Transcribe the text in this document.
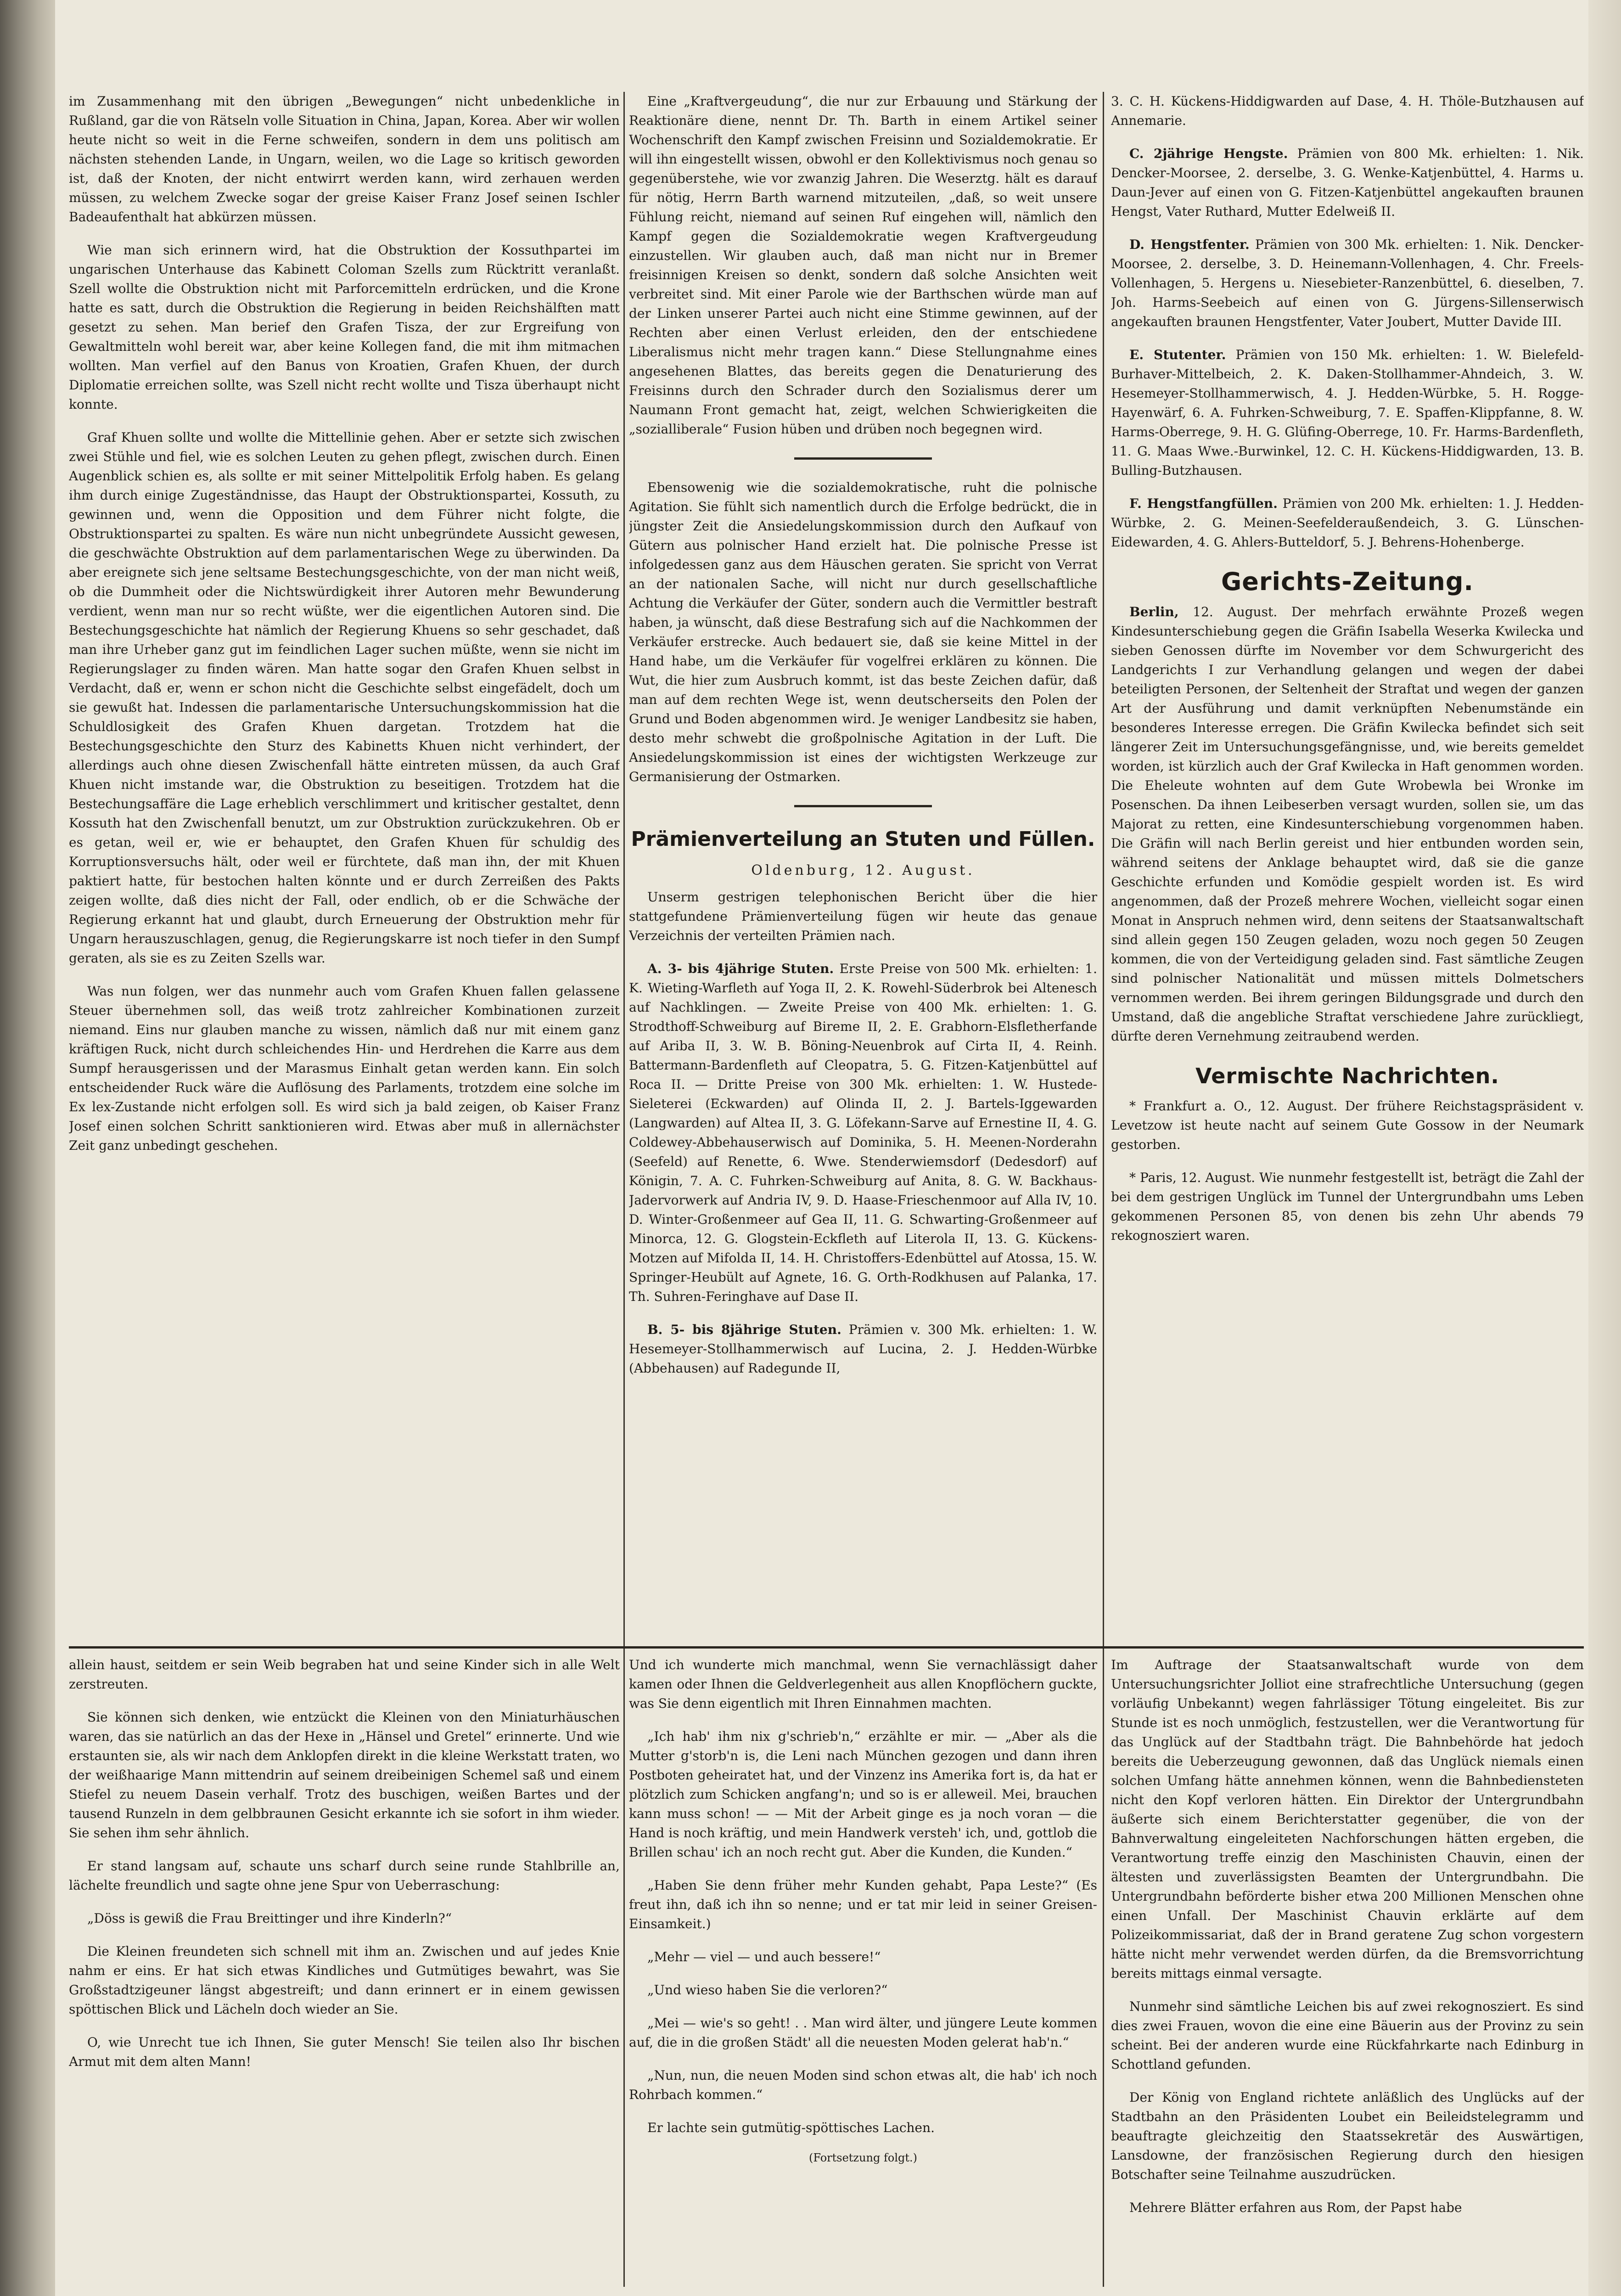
im Zusammenhang mit den übrigen „Bewegungen“ nicht unbedenkliche in Rußland, gar die von Rätseln volle Situation in China, Japan, Korea. Aber wir wollen heute nicht so weit in die Ferne schweifen, sondern in dem uns politisch am nächsten stehenden Lande, in Ungarn, weilen, wo die Lage so kritisch geworden ist, daß der Knoten, der nicht entwirrt werden kann, wird zerhauen werden müssen, zu welchem Zwecke sogar der greise Kaiser Franz Josef seinen Ischler Badeaufenthalt hat abkürzen müssen.

Wie man sich erinnern wird, hat die Obstruktion der Kossuthpartei im ungarischen Unterhause das Kabinett Coloman Szells zum Rücktritt veranlaßt. Szell wollte die Obstruktion nicht mit Parforcemitteln erdrücken, und die Krone hatte es satt, durch die Obstruktion die Regierung in beiden Reichshälften matt gesetzt zu sehen. Man berief den Grafen Tisza, der zur Ergreifung von Gewaltmitteln wohl bereit war, aber keine Kollegen fand, die mit ihm mitmachen wollten. Man verfiel auf den Banus von Kroatien, Grafen Khuen, der durch Diplomatie erreichen sollte, was Szell nicht recht wollte und Tisza überhaupt nicht konnte.

Graf Khuen sollte und wollte die Mittellinie gehen. Aber er setzte sich zwischen zwei Stühle und fiel, wie es solchen Leuten zu gehen pflegt, zwischen durch. Einen Augenblick schien es, als sollte er mit seiner Mittelpolitik Erfolg haben. Es gelang ihm durch einige Zugeständnisse, das Haupt der Obstruktionspartei, Kossuth, zu gewinnen und, wenn die Opposition und dem Führer nicht folgte, die Obstruktionspartei zu spalten. Es wäre nun nicht unbegründete Aussicht gewesen, die geschwächte Obstruktion auf dem parlamentarischen Wege zu überwinden. Da aber ereignete sich jene seltsame Bestechungsgeschichte, von der man nicht weiß, ob die Dummheit oder die Nichtswürdigkeit ihrer Autoren mehr Bewunderung verdient, wenn man nur so recht wüßte, wer die eigentlichen Autoren sind. Die Bestechungsgeschichte hat nämlich der Regierung Khuens so sehr geschadet, daß man ihre Urheber ganz gut im feindlichen Lager suchen müßte, wenn sie nicht im Regierungslager zu finden wären. Man hatte sogar den Grafen Khuen selbst in Verdacht, daß er, wenn er schon nicht die Geschichte selbst eingefädelt, doch um sie gewußt hat. Indessen die parlamentarische Untersuchungskommission hat die Schuldlosigkeit des Grafen Khuen dargetan. Trotzdem hat die Bestechungsgeschichte den Sturz des Kabinetts Khuen nicht verhindert, der allerdings auch ohne diesen Zwischenfall hätte eintreten müssen, da auch Graf Khuen nicht imstande war, die Obstruktion zu beseitigen. Trotzdem hat die Bestechungsaffäre die Lage erheblich verschlimmert und kritischer gestaltet, denn Kossuth hat den Zwischenfall benutzt, um zur Obstruktion zurückzukehren. Ob er es getan, weil er, wie er behauptet, den Grafen Khuen für schuldig des Korruptionsversuchs hält, oder weil er fürchtete, daß man ihn, der mit Khuen paktiert hatte, für bestochen halten könnte und er durch Zerreißen des Pakts zeigen wollte, daß dies nicht der Fall, oder endlich, ob er die Schwäche der Regierung erkannt hat und glaubt, durch Erneuerung der Obstruktion mehr für Ungarn herauszuschlagen, genug, die Regierungskarre ist noch tiefer in den Sumpf geraten, als sie es zu Zeiten Szells war.

Was nun folgen, wer das nunmehr auch vom Grafen Khuen fallen gelassene Steuer übernehmen soll, das weiß trotz zahlreicher Kombinationen zurzeit niemand. Eins nur glauben manche zu wissen, nämlich daß nur mit einem ganz kräftigen Ruck, nicht durch schleichendes Hin- und Herdrehen die Karre aus dem Sumpf herausgerissen und der Marasmus Einhalt getan werden kann. Ein solch entscheidender Ruck wäre die Auflösung des Parlaments, trotzdem eine solche im Ex lex-Zustande nicht erfolgen soll. Es wird sich ja bald zeigen, ob Kaiser Franz Josef einen solchen Schritt sanktionieren wird. Etwas aber muß in allernächster Zeit ganz unbedingt geschehen.

Eine „Kraftvergeudung“, die nur zur Erbauung und Stärkung der Reaktionäre diene, nennt Dr. Th. Barth in einem Artikel seiner Wochenschrift den Kampf zwischen Freisinn und Sozialdemokratie. Er will ihn eingestellt wissen, obwohl er den Kollektivismus noch genau so gegenüberstehe, wie vor zwanzig Jahren. Die Weserztg. hält es darauf für nötig, Herrn Barth warnend mitzuteilen, „daß, so weit unsere Fühlung reicht, niemand auf seinen Ruf eingehen will, nämlich den Kampf gegen die Sozialdemokratie wegen Kraftvergeudung einzustellen. Wir glauben auch, daß man nicht nur in Bremer freisinnigen Kreisen so denkt, sondern daß solche Ansichten weit verbreitet sind. Mit einer Parole wie der Barthschen würde man auf der Linken unserer Partei auch nicht eine Stimme gewinnen, auf der Rechten aber einen Verlust erleiden, den der entschiedene Liberalismus nicht mehr tragen kann.“ Diese Stellungnahme eines angesehenen Blattes, das bereits gegen die Denaturierung des Freisinns durch den Schrader durch den Sozialismus derer um Naumann Front gemacht hat, zeigt, welchen Schwierigkeiten die „sozialliberale“ Fusion hüben und drüben noch begegnen wird.

Ebensowenig wie die sozialdemokratische, ruht die polnische Agitation. Sie fühlt sich namentlich durch die Erfolge bedrückt, die in jüngster Zeit die Ansiedelungskommission durch den Aufkauf von Gütern aus polnischer Hand erzielt hat. Die polnische Presse ist infolgedessen ganz aus dem Häuschen geraten. Sie spricht von Verrat an der nationalen Sache, will nicht nur durch gesellschaftliche Achtung die Verkäufer der Güter, sondern auch die Vermittler bestraft haben, ja wünscht, daß diese Bestrafung sich auf die Nachkommen der Verkäufer erstrecke. Auch bedauert sie, daß sie keine Mittel in der Hand habe, um die Verkäufer für vogelfrei erklären zu können. Die Wut, die hier zum Ausbruch kommt, ist das beste Zeichen dafür, daß man auf dem rechten Wege ist, wenn deutscherseits den Polen der Grund und Boden abgenommen wird. Je weniger Landbesitz sie haben, desto mehr schwebt die großpolnische Agitation in der Luft. Die Ansiedelungskommission ist eines der wichtigsten Werkzeuge zur Germanisierung der Ostmarken.

Prämienverteilung an Stuten und Füllen.
Oldenburg, 12. August.

Unserm gestrigen telephonischen Bericht über die hier stattgefundene Prämienverteilung fügen wir heute das genaue Verzeichnis der verteilten Prämien nach.

A. 3- bis 4jährige Stuten. Erste Preise von 500 Mk. erhielten: 1. K. Wieting-Warfleth auf Yoga II, 2. K. Rowehl-Süderbrok bei Altenesch auf Nachklingen. — Zweite Preise von 400 Mk. erhielten: 1. G. Strodthoff-Schweiburg auf Bireme II, 2. E. Grabhorn-Elsfletherfande auf Ariba II, 3. W. B. Böning-Neuenbrok auf Cirta II, 4. Reinh. Battermann-Bardenfleth auf Cleopatra, 5. G. Fitzen-Katjenbüttel auf Roca II. — Dritte Preise von 300 Mk. erhielten: 1. W. Hustede-Sieleterei (Eckwarden) auf Olinda II, 2. J. Bartels-Iggewarden (Langwarden) auf Altea II, 3. G. Löfekann-Sarve auf Ernestine II, 4. G. Coldewey-Abbehauserwisch auf Dominika, 5. H. Meenen-Norderahn (Seefeld) auf Renette, 6. Wwe. Stenderwiemsdorf (Dedesdorf) auf Königin, 7. A. C. Fuhrken-Schweiburg auf Anita, 8. G. W. Backhaus-Jadervorwerk auf Andria IV, 9. D. Haase-Frieschenmoor auf Alla IV, 10. D. Winter-Großenmeer auf Gea II, 11. G. Schwarting-Großenmeer auf Minorca, 12. G. Glogstein-Eckfleth auf Literola II, 13. G. Kückens-Motzen auf Mifolda II, 14. H. Christoffers-Edenbüttel auf Atossa, 15. W. Springer-Heubült auf Agnete, 16. G. Orth-Rodkhusen auf Palanka, 17. Th. Suhren-Feringhave auf Dase II.

B. 5- bis 8jährige Stuten. Prämien v. 300 Mk. erhielten: 1. W. Hesemeyer-Stollhammerwisch auf Lucina, 2. J. Hedden-Würbke (Abbehausen) auf Radegunde II,

3. C. H. Kückens-Hiddigwarden auf Dase, 4. H. Thöle-Butzhausen auf Annemarie.

C. 2jährige Hengste. Prämien von 800 Mk. erhielten: 1. Nik. Dencker-Moorsee, 2. derselbe, 3. G. Wenke-Katjenbüttel, 4. Harms u. Daun-Jever auf einen von G. Fitzen-Katjenbüttel angekauften braunen Hengst, Vater Ruthard, Mutter Edelweiß II.

D. Hengstfenter. Prämien von 300 Mk. erhielten: 1. Nik. Dencker-Moorsee, 2. derselbe, 3. D. Heinemann-Vollenhagen, 4. Chr. Freels-Vollenhagen, 5. Hergens u. Niesebieter-Ranzenbüttel, 6. dieselben, 7. Joh. Harms-Seebeich auf einen von G. Jürgens-Sillenserwisch angekauften braunen Hengstfenter, Vater Joubert, Mutter Davide III.

E. Stutenter. Prämien von 150 Mk. erhielten: 1. W. Bielefeld-Burhaver-Mittelbeich, 2. K. Daken-Stollhammer-Ahndeich, 3. W. Hesemeyer-Stollhammerwisch, 4. J. Hedden-Würbke, 5. H. Rogge-Hayenwärf, 6. A. Fuhrken-Schweiburg, 7. E. Spaffen-Klippfanne, 8. W. Harms-Oberrege, 9. H. G. Glüfing-Oberrege, 10. Fr. Harms-Bardenfleth, 11. G. Maas Wwe.-Burwinkel, 12. C. H. Kückens-Hiddigwarden, 13. B. Bulling-Butzhausen.

F. Hengstfangfüllen. Prämien von 200 Mk. erhielten: 1. J. Hedden-Würbke, 2. G. Meinen-Seefelderaußendeich, 3. G. Lünschen-Eidewarden, 4. G. Ahlers-Butteldorf, 5. J. Behrens-Hohenberge.

Gerichts-Zeitung.

Berlin, 12. August. Der mehrfach erwähnte Prozeß wegen Kindesunterschiebung gegen die Gräfin Isabella Weserka Kwilecka und sieben Genossen dürfte im November vor dem Schwurgericht des Landgerichts I zur Verhandlung gelangen und wegen der dabei beteiligten Personen, der Seltenheit der Straftat und wegen der ganzen Art der Ausführung und damit verknüpften Nebenumstände ein besonderes Interesse erregen. Die Gräfin Kwilecka befindet sich seit längerer Zeit im Untersuchungsgefängnisse, und, wie bereits gemeldet worden, ist kürzlich auch der Graf Kwilecka in Haft genommen worden. Die Eheleute wohnten auf dem Gute Wrobewla bei Wronke im Posenschen. Da ihnen Leibeserben versagt wurden, sollen sie, um das Majorat zu retten, eine Kindesunterschiebung vorgenommen haben. Die Gräfin will nach Berlin gereist und hier entbunden worden sein, während seitens der Anklage behauptet wird, daß sie die ganze Geschichte erfunden und Komödie gespielt worden ist. Es wird angenommen, daß der Prozeß mehrere Wochen, vielleicht sogar einen Monat in Anspruch nehmen wird, denn seitens der Staatsanwaltschaft sind allein gegen 150 Zeugen geladen, wozu noch gegen 50 Zeugen kommen, die von der Verteidigung geladen sind. Fast sämtliche Zeugen sind polnischer Nationalität und müssen mittels Dolmetschers vernommen werden. Bei ihrem geringen Bildungsgrade und durch den Umstand, daß die angebliche Straftat verschiedene Jahre zurückliegt, dürfte deren Vernehmung zeitraubend werden.

Vermischte Nachrichten.

* Frankfurt a. O., 12. August. Der frühere Reichstagspräsident v. Levetzow ist heute nacht auf seinem Gute Gossow in der Neumark gestorben.

* Paris, 12. August. Wie nunmehr festgestellt ist, beträgt die Zahl der bei dem gestrigen Unglück im Tunnel der Untergrundbahn ums Leben gekommenen Personen 85, von denen bis zehn Uhr abends 79 rekognosziert waren.

allein haust, seitdem er sein Weib begraben hat und seine Kinder sich in alle Welt zerstreuten.

Sie können sich denken, wie entzückt die Kleinen von den Miniaturhäuschen waren, das sie natürlich an das der Hexe in „Hänsel und Gretel“ erinnerte. Und wie erstaunten sie, als wir nach dem Anklopfen direkt in die kleine Werkstatt traten, wo der weißhaarige Mann mittendrin auf seinem dreibeinigen Schemel saß und einem Stiefel zu neuem Dasein verhalf. Trotz des buschigen, weißen Bartes und der tausend Runzeln in dem gelbbraunen Gesicht erkannte ich sie sofort in ihm wieder. Sie sehen ihm sehr ähnlich.

Er stand langsam auf, schaute uns scharf durch seine runde Stahlbrille an, lächelte freundlich und sagte ohne jene Spur von Ueberraschung:

„Döss is gewiß die Frau Breittinger und ihre Kinderln?“

Die Kleinen freundeten sich schnell mit ihm an. Zwischen und auf jedes Knie nahm er eins. Er hat sich etwas Kindliches und Gutmütiges bewahrt, was Sie Großstadtzigeuner längst abgestreift; und dann erinnert er in einem gewissen spöttischen Blick und Lächeln doch wieder an Sie.

O, wie Unrecht tue ich Ihnen, Sie guter Mensch! Sie teilen also Ihr bischen Armut mit dem alten Mann!

Und ich wunderte mich manchmal, wenn Sie vernachlässigt daher kamen oder Ihnen die Geldverlegenheit aus allen Knopflöchern guckte, was Sie denn eigentlich mit Ihren Einnahmen machten.

„Ich hab' ihm nix g'schrieb'n,“ erzählte er mir. — „Aber als die Mutter g'storb'n is, die Leni nach München gezogen und dann ihren Postboten geheiratet hat, und der Vinzenz ins Amerika fort is, da hat er plötzlich zum Schicken angfang'n; und so is er alleweil. Mei, brauchen kann muss schon! — — Mit der Arbeit ginge es ja noch voran — die Hand is noch kräftig, und mein Handwerk versteh' ich, und, gottlob die Brillen schau' ich an noch recht gut. Aber die Kunden, die Kunden.“

„Haben Sie denn früher mehr Kunden gehabt, Papa Leste?“ (Es freut ihn, daß ich ihn so nenne; und er tat mir leid in seiner Greisen-Einsamkeit.)

„Mehr — viel — und auch bessere!“

„Und wieso haben Sie die verloren?“

„Mei — wie's so geht! . . Man wird älter, und jüngere Leute kommen auf, die in die großen Städt' all die neuesten Moden gelerat hab'n.“

„Nun, nun, die neuen Moden sind schon etwas alt, die hab' ich noch Rohrbach kommen.“

Er lachte sein gutmütig-spöttisches Lachen.

(Fortsetzung folgt.)

Im Auftrage der Staatsanwaltschaft wurde von dem Untersuchungsrichter Jolliot eine strafrechtliche Untersuchung (gegen vorläufig Unbekannt) wegen fahrlässiger Tötung eingeleitet. Bis zur Stunde ist es noch unmöglich, festzustellen, wer die Verantwortung für das Unglück auf der Stadtbahn trägt. Die Bahnbehörde hat jedoch bereits die Ueberzeugung gewonnen, daß das Unglück niemals einen solchen Umfang hätte annehmen können, wenn die Bahnbediensteten nicht den Kopf verloren hätten. Ein Direktor der Untergrundbahn äußerte sich einem Berichterstatter gegenüber, die von der Bahnverwaltung eingeleiteten Nachforschungen hätten ergeben, die Verantwortung treffe einzig den Maschinisten Chauvin, einen der ältesten und zuverlässigsten Beamten der Untergrundbahn. Die Untergrundbahn beförderte bisher etwa 200 Millionen Menschen ohne einen Unfall. Der Maschinist Chauvin erklärte auf dem Polizeikommissariat, daß der in Brand geratene Zug schon vorgestern hätte nicht mehr verwendet werden dürfen, da die Bremsvorrichtung bereits mittags einmal versagte.

Nunmehr sind sämtliche Leichen bis auf zwei rekognosziert. Es sind dies zwei Frauen, wovon die eine eine Bäuerin aus der Provinz zu sein scheint. Bei der anderen wurde eine Rückfahrkarte nach Edinburg in Schottland gefunden.

Der König von England richtete anläßlich des Unglücks auf der Stadtbahn an den Präsidenten Loubet ein Beileidstelegramm und beauftragte gleichzeitig den Staatssekretär des Auswärtigen, Lansdowne, der französischen Regierung durch den hiesigen Botschafter seine Teilnahme auszudrücken.

Mehrere Blätter erfahren aus Rom, der Papst habe
